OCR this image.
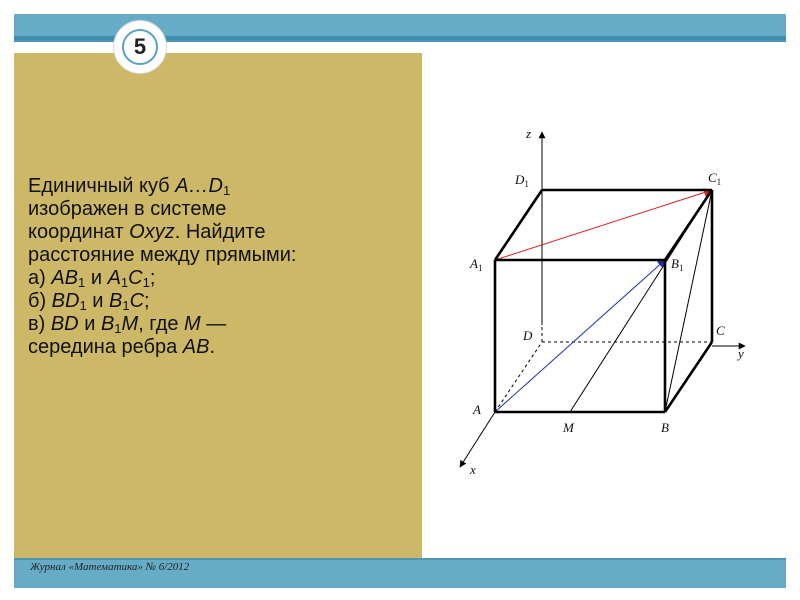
5
Единичный куб $A\dots D_1$
изображен в системе
координат Oxyz. Найдите
расстояние между прямыми:
а) $AB_1$ и $A_1C_1$;
б) $BD_1$ и $B_1C$;
в) BD и $B_1M$, где M —
середина ребра AB.
Журнал «Математика» № 6/2012
z
y
x
$D_1$	$C_1$
$A_1$	$B_1$
D	C
A
M	B
